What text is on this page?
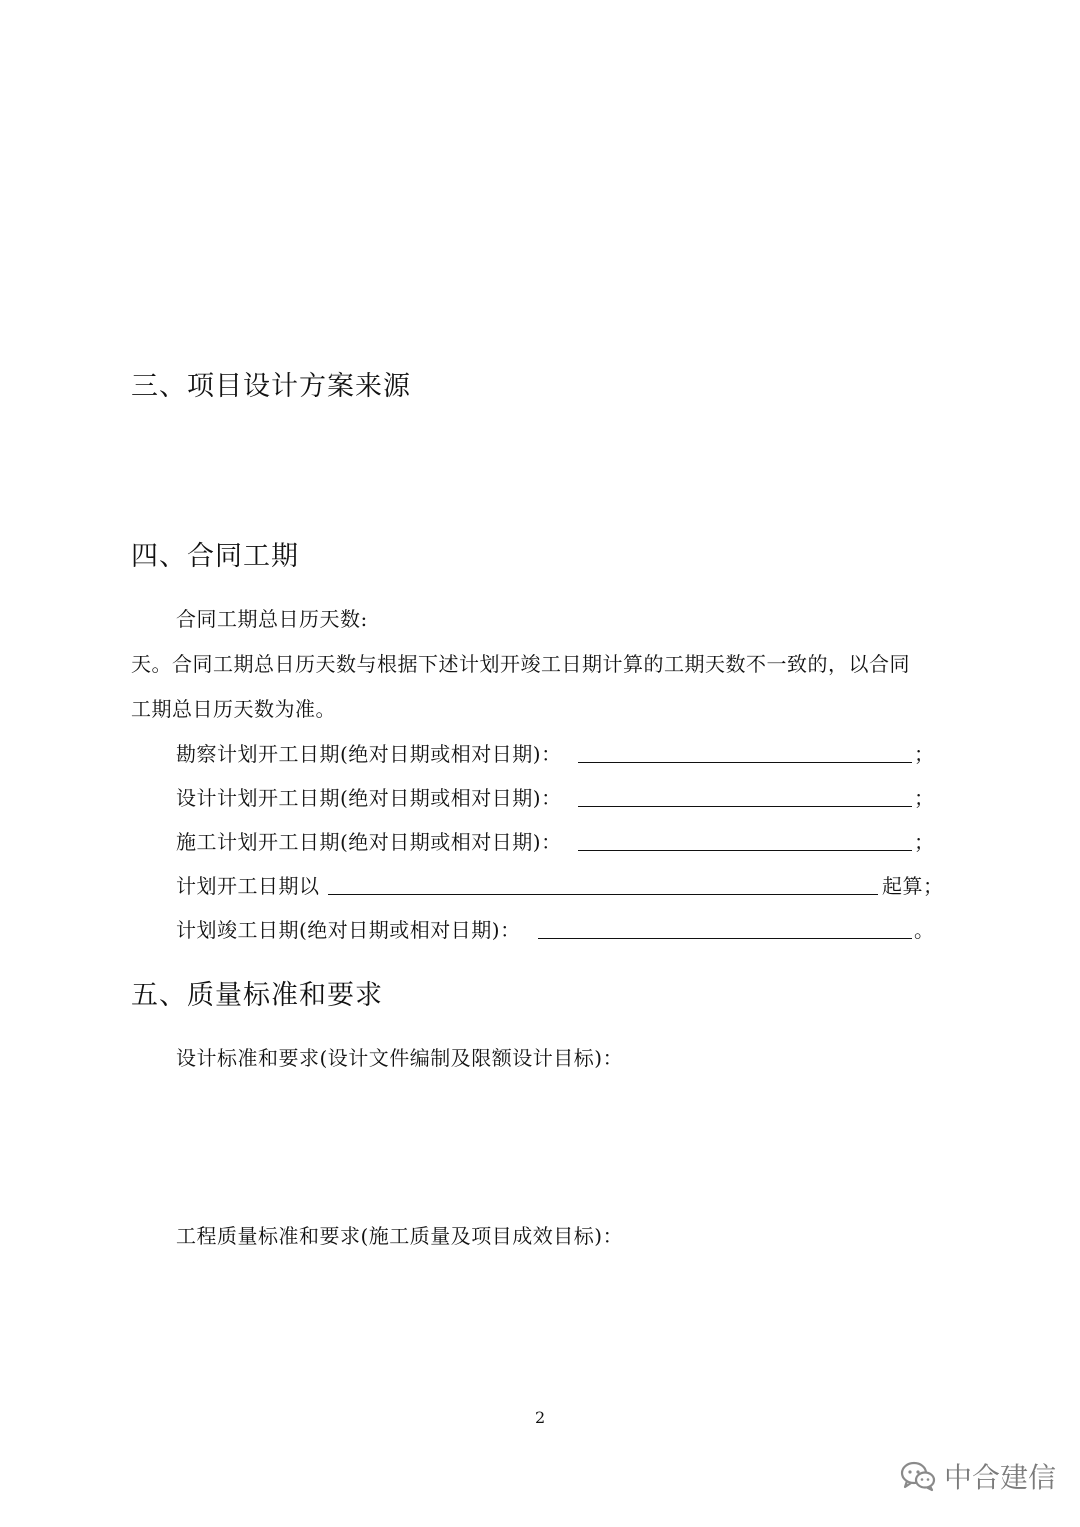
三、项目设计方案来源
四、合同工期
合同工期总日历天数:
天。合同工期总日历天数与根据下述计划开竣工日期计算的工期天数不一致的，以合同
工期总日历天数为准。
勘察计划开工日期(绝对日期或相对日期)：	；
设计计划开工日期(绝对日期或相对日期)：	；
施工计划开工日期(绝对日期或相对日期)：	；
计划开工日期以	起算；
计划竣工日期(绝对日期或相对日期)：	。
五、质量标准和要求
设计标准和要求(设计文件编制及限额设计目标)：
工程质量标准和要求(施工质量及项目成效目标)：
2
中合建信
